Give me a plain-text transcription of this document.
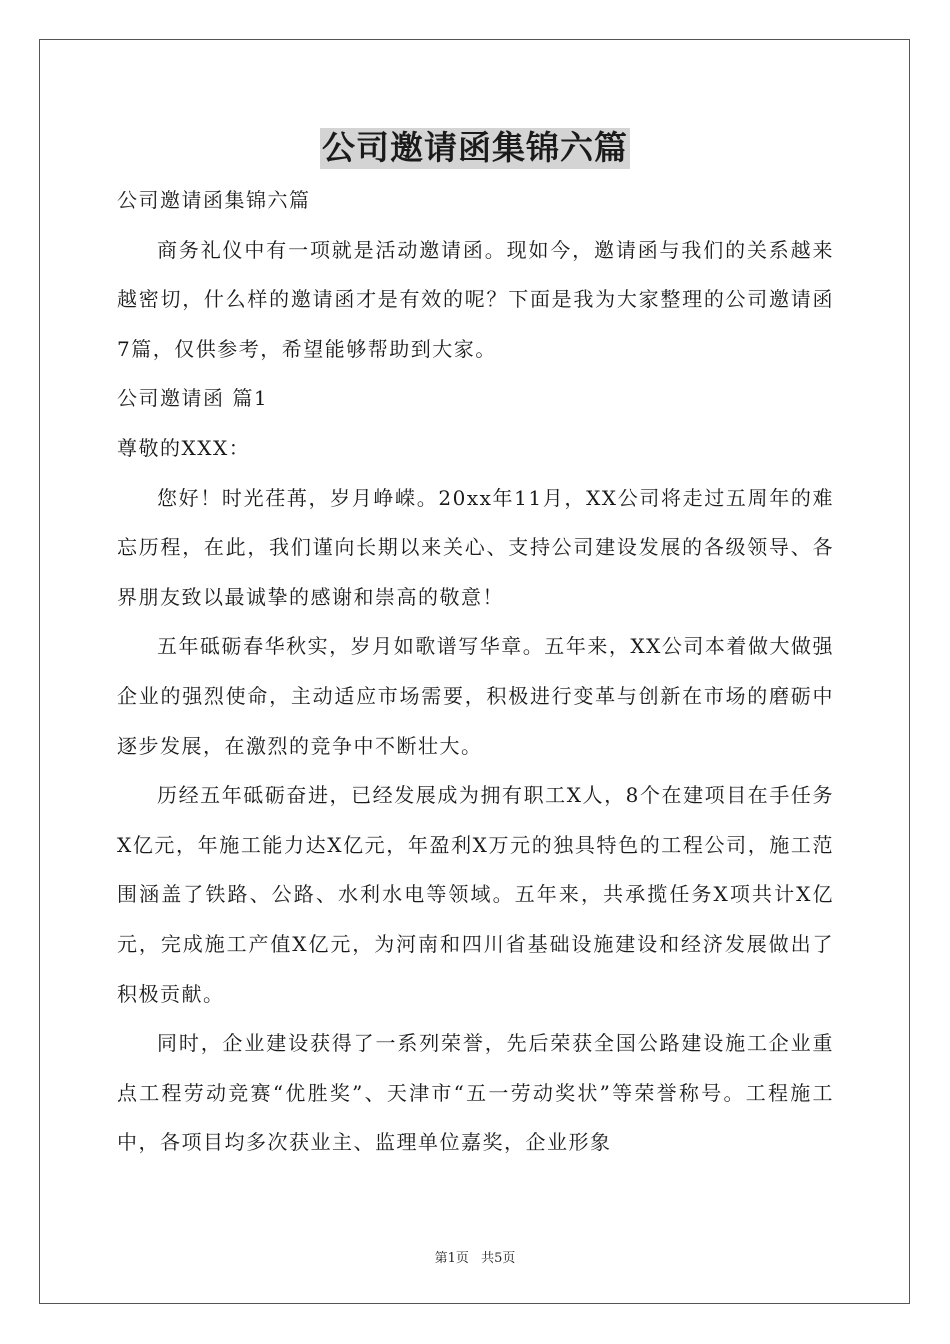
公司邀请函集锦六篇

公司邀请函集锦六篇

商务礼仪中有一项就是活动邀请函。现如今，邀请函与我们的关系越来越密切，什么样的邀请函才是有效的呢？下面是我为大家整理的公司邀请函7篇，仅供参考，希望能够帮助到大家。

公司邀请函 篇1

尊敬的XXX：

您好！时光荏苒，岁月峥嵘。20xx年11月，XX公司将走过五周年的难忘历程，在此，我们谨向长期以来关心、支持公司建设发展的各级领导、各界朋友致以最诚挚的感谢和崇高的敬意！

五年砥砺春华秋实，岁月如歌谱写华章。五年来，XX公司本着做大做强企业的强烈使命，主动适应市场需要，积极进行变革与创新在市场的磨砺中逐步发展，在激烈的竞争中不断壮大。

历经五年砥砺奋进，已经发展成为拥有职工X人，8个在建项目在手任务X亿元，年施工能力达X亿元，年盈利X万元的独具特色的工程公司，施工范围涵盖了铁路、公路、水利水电等领域。五年来，共承揽任务X项共计X亿元，完成施工产值X亿元，为河南和四川省基础设施建设和经济发展做出了积极贡献。

同时，企业建设获得了一系列荣誉，先后荣获全国公路建设施工企业重点工程劳动竞赛“优胜奖”、天津市“五一劳动奖状”等荣誉称号。工程施工中，各项目均多次获业主、监理单位嘉奖，企业形象

第1页 共5页
